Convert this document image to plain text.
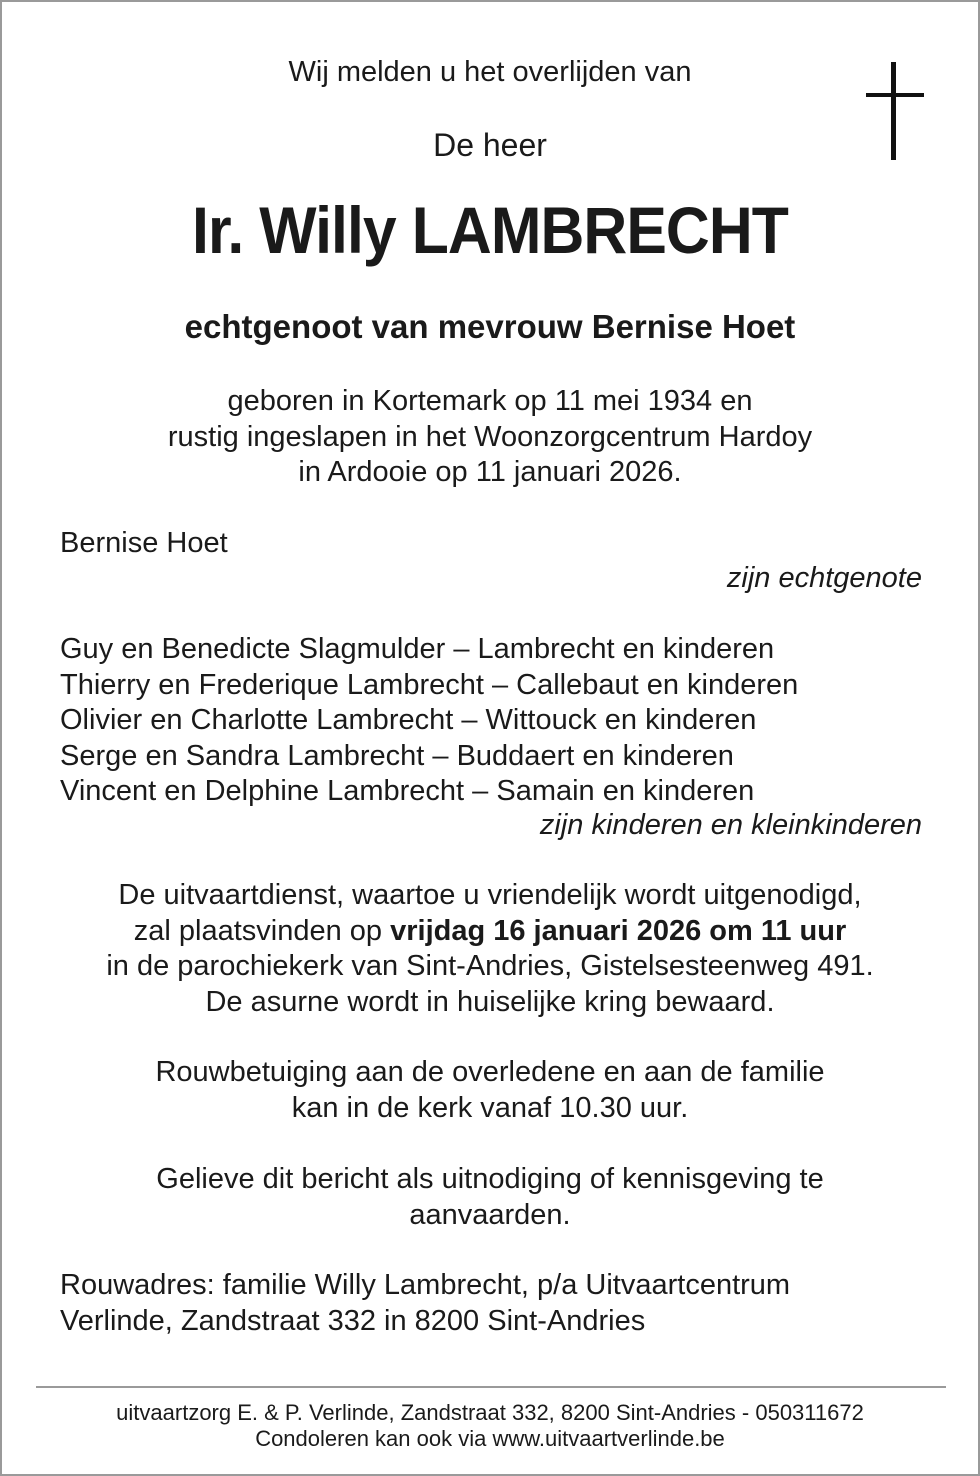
Wij melden u het overlijden van
De heer
Ir. Willy LAMBRECHT
echtgenoot van mevrouw Bernise Hoet
geboren in Kortemark op 11 mei 1934 en
rustig ingeslapen in het Woonzorgcentrum Hardoy
in Ardooie op 11 januari 2026.
Bernise Hoet
zijn echtgenote
Guy en Benedicte Slagmulder – Lambrecht en kinderen
Thierry en Frederique Lambrecht – Callebaut en kinderen
Olivier en Charlotte Lambrecht – Wittouck en kinderen
Serge en Sandra Lambrecht – Buddaert en kinderen
Vincent en Delphine Lambrecht – Samain en kinderen
zijn kinderen en kleinkinderen
De uitvaartdienst, waartoe u vriendelijk wordt uitgenodigd,
zal plaatsvinden op vrijdag 16 januari 2026 om 11 uur
in de parochiekerk van Sint-Andries, Gistelsesteenweg 491.
De asurne wordt in huiselijke kring bewaard.
Rouwbetuiging aan de overledene en aan de familie
kan in de kerk vanaf 10.30 uur.
Gelieve dit bericht als uitnodiging of kennisgeving te
aanvaarden.
Rouwadres: familie Willy Lambrecht, p/a Uitvaartcentrum
Verlinde, Zandstraat 332 in 8200 Sint-Andries
uitvaartzorg E. & P. Verlinde, Zandstraat 332, 8200 Sint-Andries - 050311672
Condoleren kan ook via www.uitvaartverlinde.be
